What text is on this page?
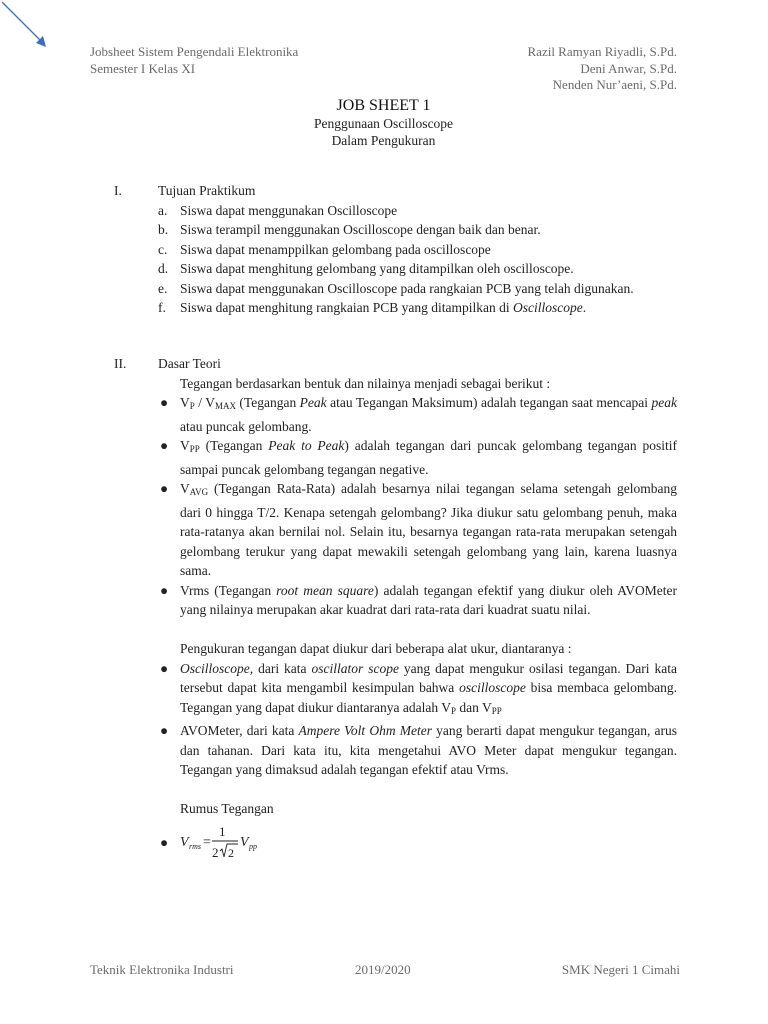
Jobsheet Sistem Pengendali Elektronika
Semester I Kelas XI
Razil Ramyan Riyadli, S.Pd.
Deni Anwar, S.Pd.
Nenden Nur’aeni, S.Pd.
JOB SHEET 1
Penggunaan Oscilloscope
Dalam Pengukuran
I.	Tujuan Praktikum
a. Siswa dapat menggunakan Oscilloscope
b. Siswa terampil menggunakan Oscilloscope dengan baik dan benar.
c. Siswa dapat menamppilkan gelombang pada oscilloscope
d. Siswa dapat menghitung gelombang yang ditampilkan oleh oscilloscope.
e. Siswa dapat menggunakan Oscilloscope pada rangkaian PCB yang telah digunakan.
f. Siswa dapat menghitung rangkaian PCB yang ditampilkan di Oscilloscope.
II. Dasar Teori
Tegangan berdasarkan bentuk dan nilainya menjadi sebagai berikut :
● $V_P / V_{MAX}$ (Tegangan Peak atau Tegangan Maksimum) adalah tegangan saat mencapai peak atau puncak gelombang.
● $V_{PP}$ (Tegangan Peak to Peak) adalah tegangan dari puncak gelombang tegangan positif sampai puncak gelombang tegangan negative.
● $V_{AVG}$ (Tegangan Rata-Rata) adalah besarnya nilai tegangan selama setengah gelombang dari 0 hingga T/2. Kenapa setengah gelombang? Jika diukur satu gelombang penuh, maka rata-ratanya akan bernilai nol. Selain itu, besarnya tegangan rata-rata merupakan setengah gelombang terukur yang dapat mewakili setengah gelombang yang lain, karena luasnya sama.
● Vrms (Tegangan root mean square) adalah tegangan efektif yang diukur oleh AVOMeter yang nilainya merupakan akar kuadrat dari rata-rata dari kuadrat suatu nilai.
Pengukuran tegangan dapat diukur dari beberapa alat ukur, diantaranya :
● Oscilloscope, dari kata oscillator scope yang dapat mengukur osilasi tegangan. Dari kata tersebut dapat kita mengambil kesimpulan bahwa oscilloscope bisa membaca gelombang. Tegangan yang dapat diukur diantaranya adalah $V_P$ dan $V_{PP}$
● AVOMeter, dari kata Ampere Volt Ohm Meter yang berarti dapat mengukur tegangan, arus dan tahanan. Dari kata itu, kita mengetahui AVO Meter dapat mengukur tegangan. Tegangan yang dimaksud adalah tegangan efektif atau Vrms.
Rumus Tegangan
● V rms =
1
2 2
V pp
Teknik Elektronika Industri	2019/2020	SMK Negeri 1 Cimahi
